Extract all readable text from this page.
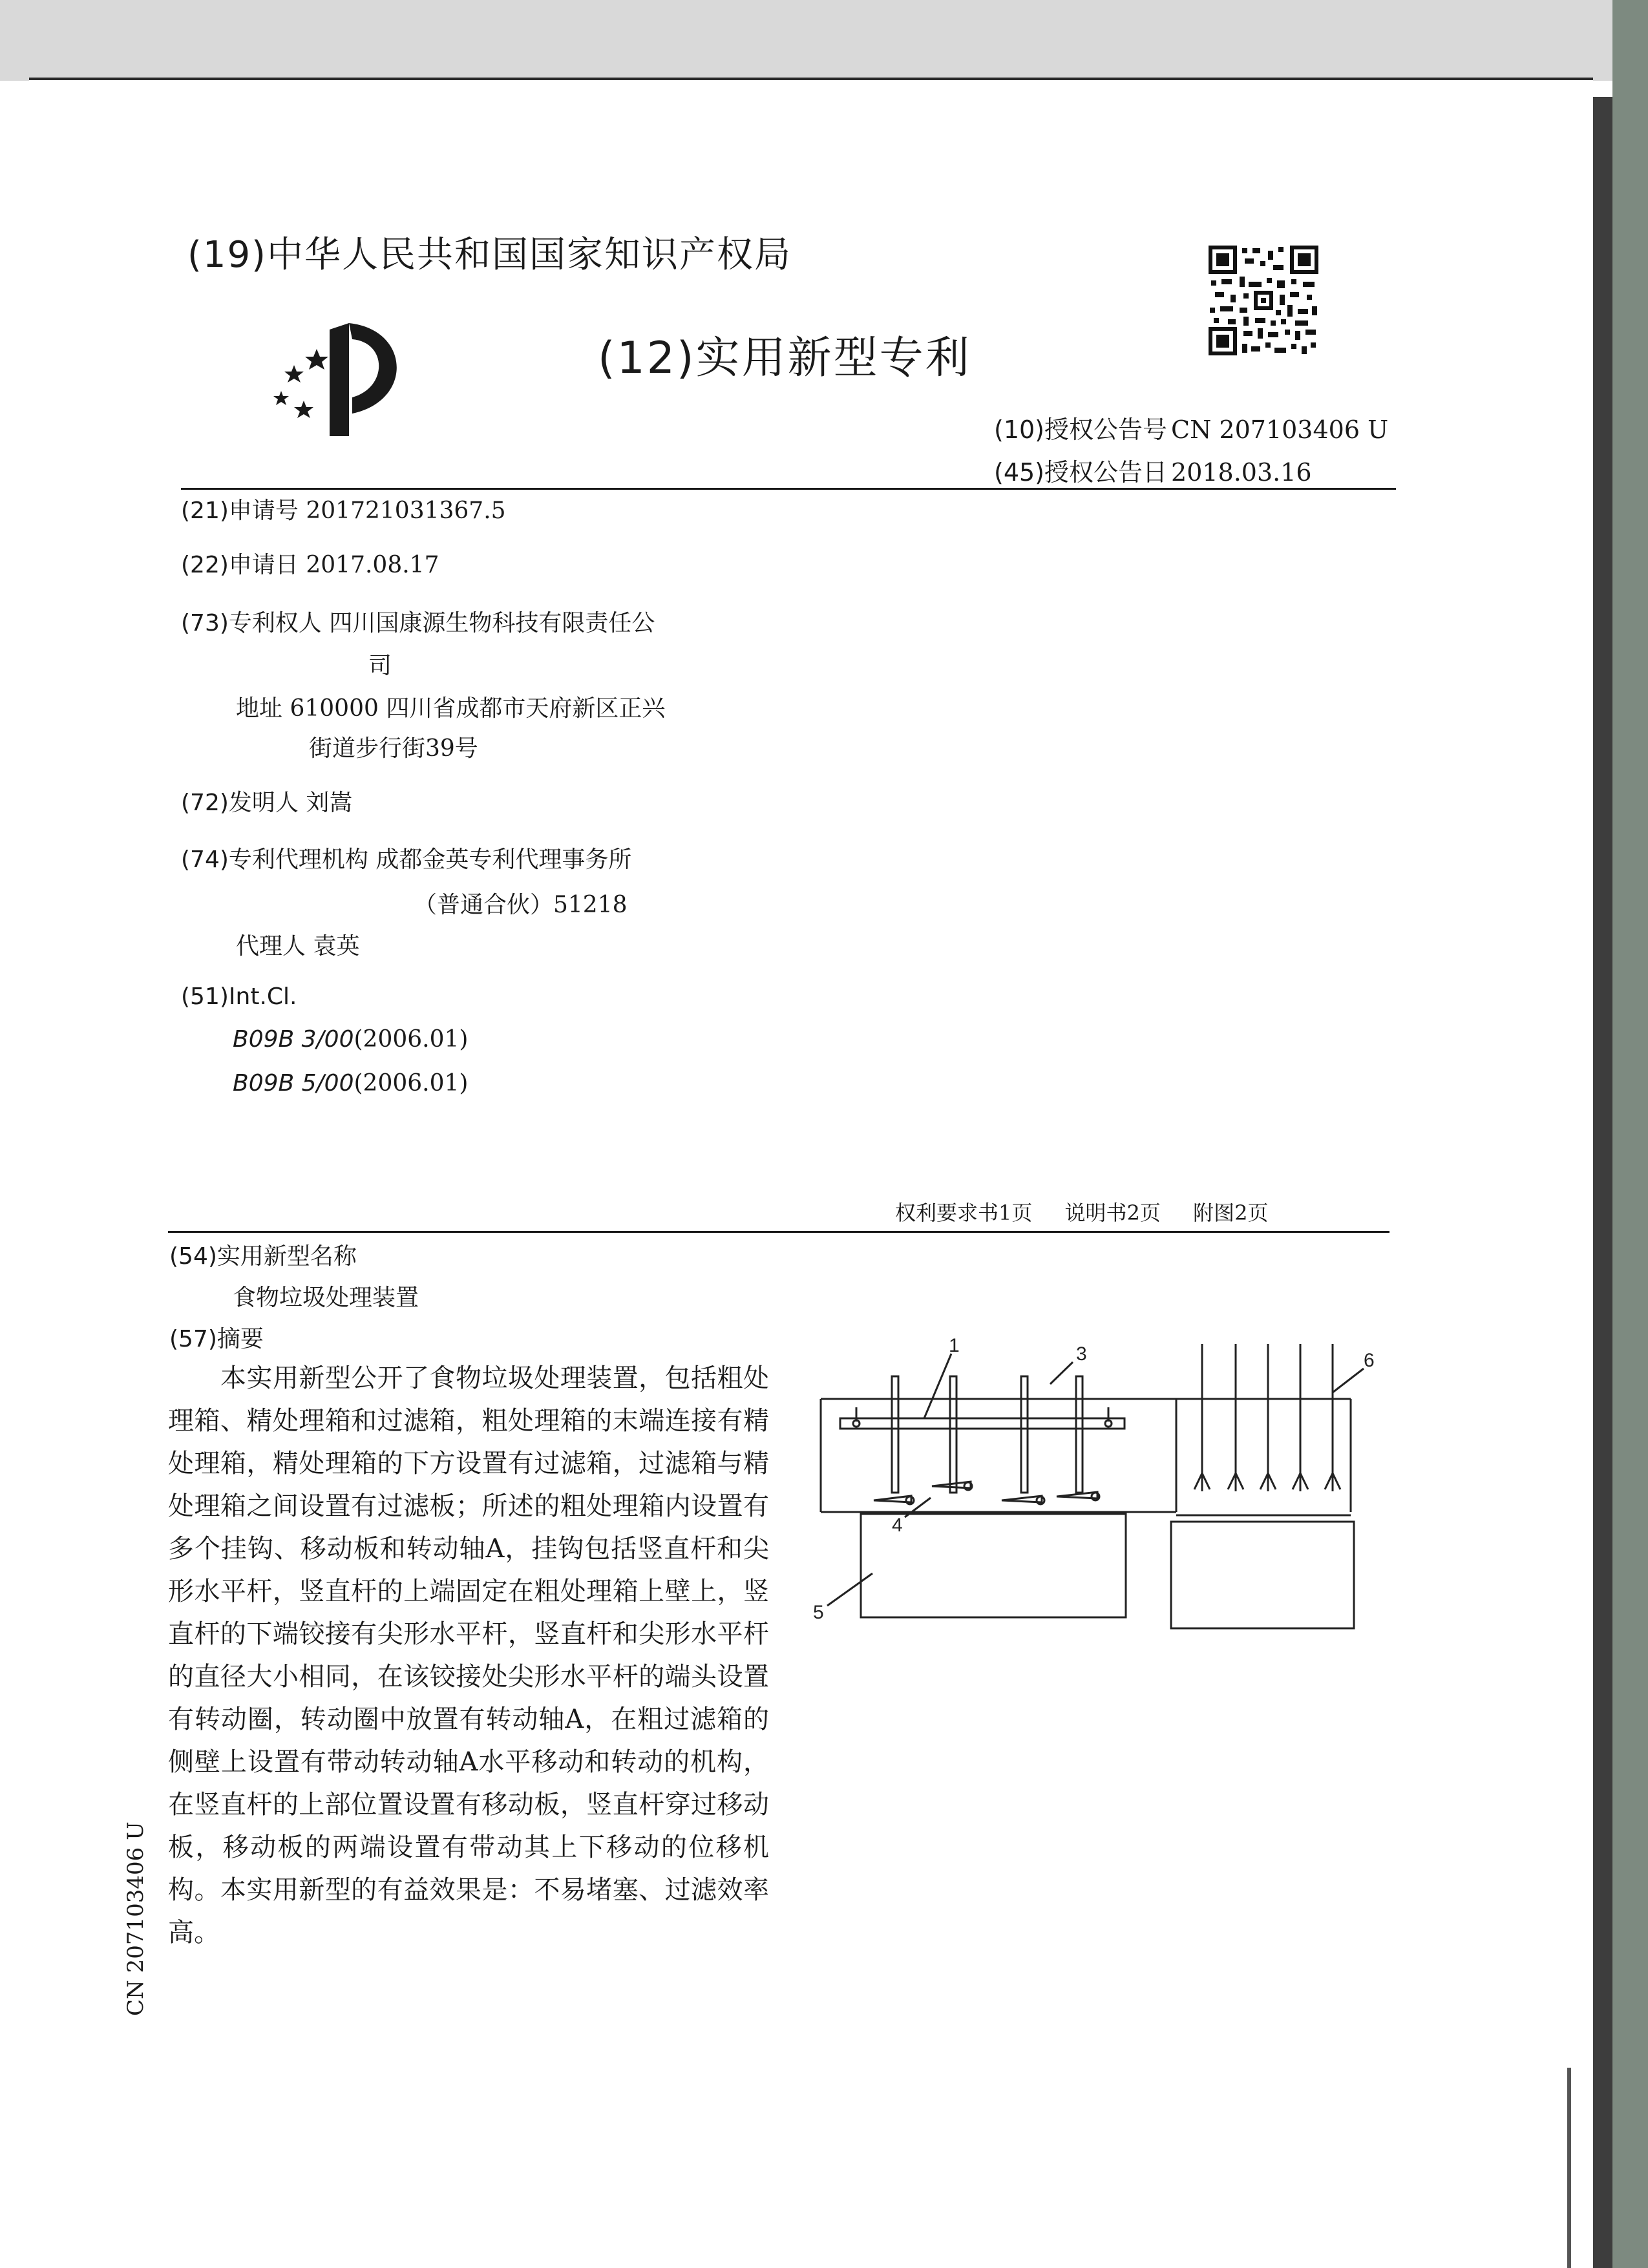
(19)中华人民共和国国家知识产权局
(12)实用新型专利
(10)授权公告号 CN 207103406 U
(45)授权公告日 2018.03.16
(21)申请号 201721031367.5
(22)申请日 2017.08.17
(73)专利权人 四川国康源生物科技有限责任公
司
地址 610000 四川省成都市天府新区正兴
街道步行街39号
(72)发明人 刘嵩
(74)专利代理机构 成都金英专利代理事务所
（普通合伙）51218
代理人 袁英
(51)Int.Cl.
B09B 3/00(2006.01)
B09B 5/00(2006.01)
权利要求书1页 说明书2页 附图2页
(54)实用新型名称
食物垃圾处理装置
(57)摘要
　　本实用新型公开了食物垃圾处理装置，包括粗处理箱、精处理箱和过滤箱，粗处理箱的末端连接有精处理箱，精处理箱的下方设置有过滤箱，过滤箱与精处理箱之间设置有过滤板；所述的粗处理箱内设置有多个挂钩、移动板和转动轴A，挂钩包括竖直杆和尖形水平杆，竖直杆的上端固定在粗处理箱上壁上，竖直杆的下端铰接有尖形水平杆，竖直杆和尖形水平杆的直径大小相同，在该铰接处尖形水平杆的端头设置有转动圈，转动圈中放置有转动轴A，在粗过滤箱的侧壁上设置有带动转动轴A水平移动和转动的机构，在竖直杆的上部位置设置有移动板，竖直杆穿过移动板，移动板的两端设置有带动其上下移动的位移机构。本实用新型的有益效果是：不易堵塞、过滤效率高。
1	3
4
5
6
CN 207103406 U
